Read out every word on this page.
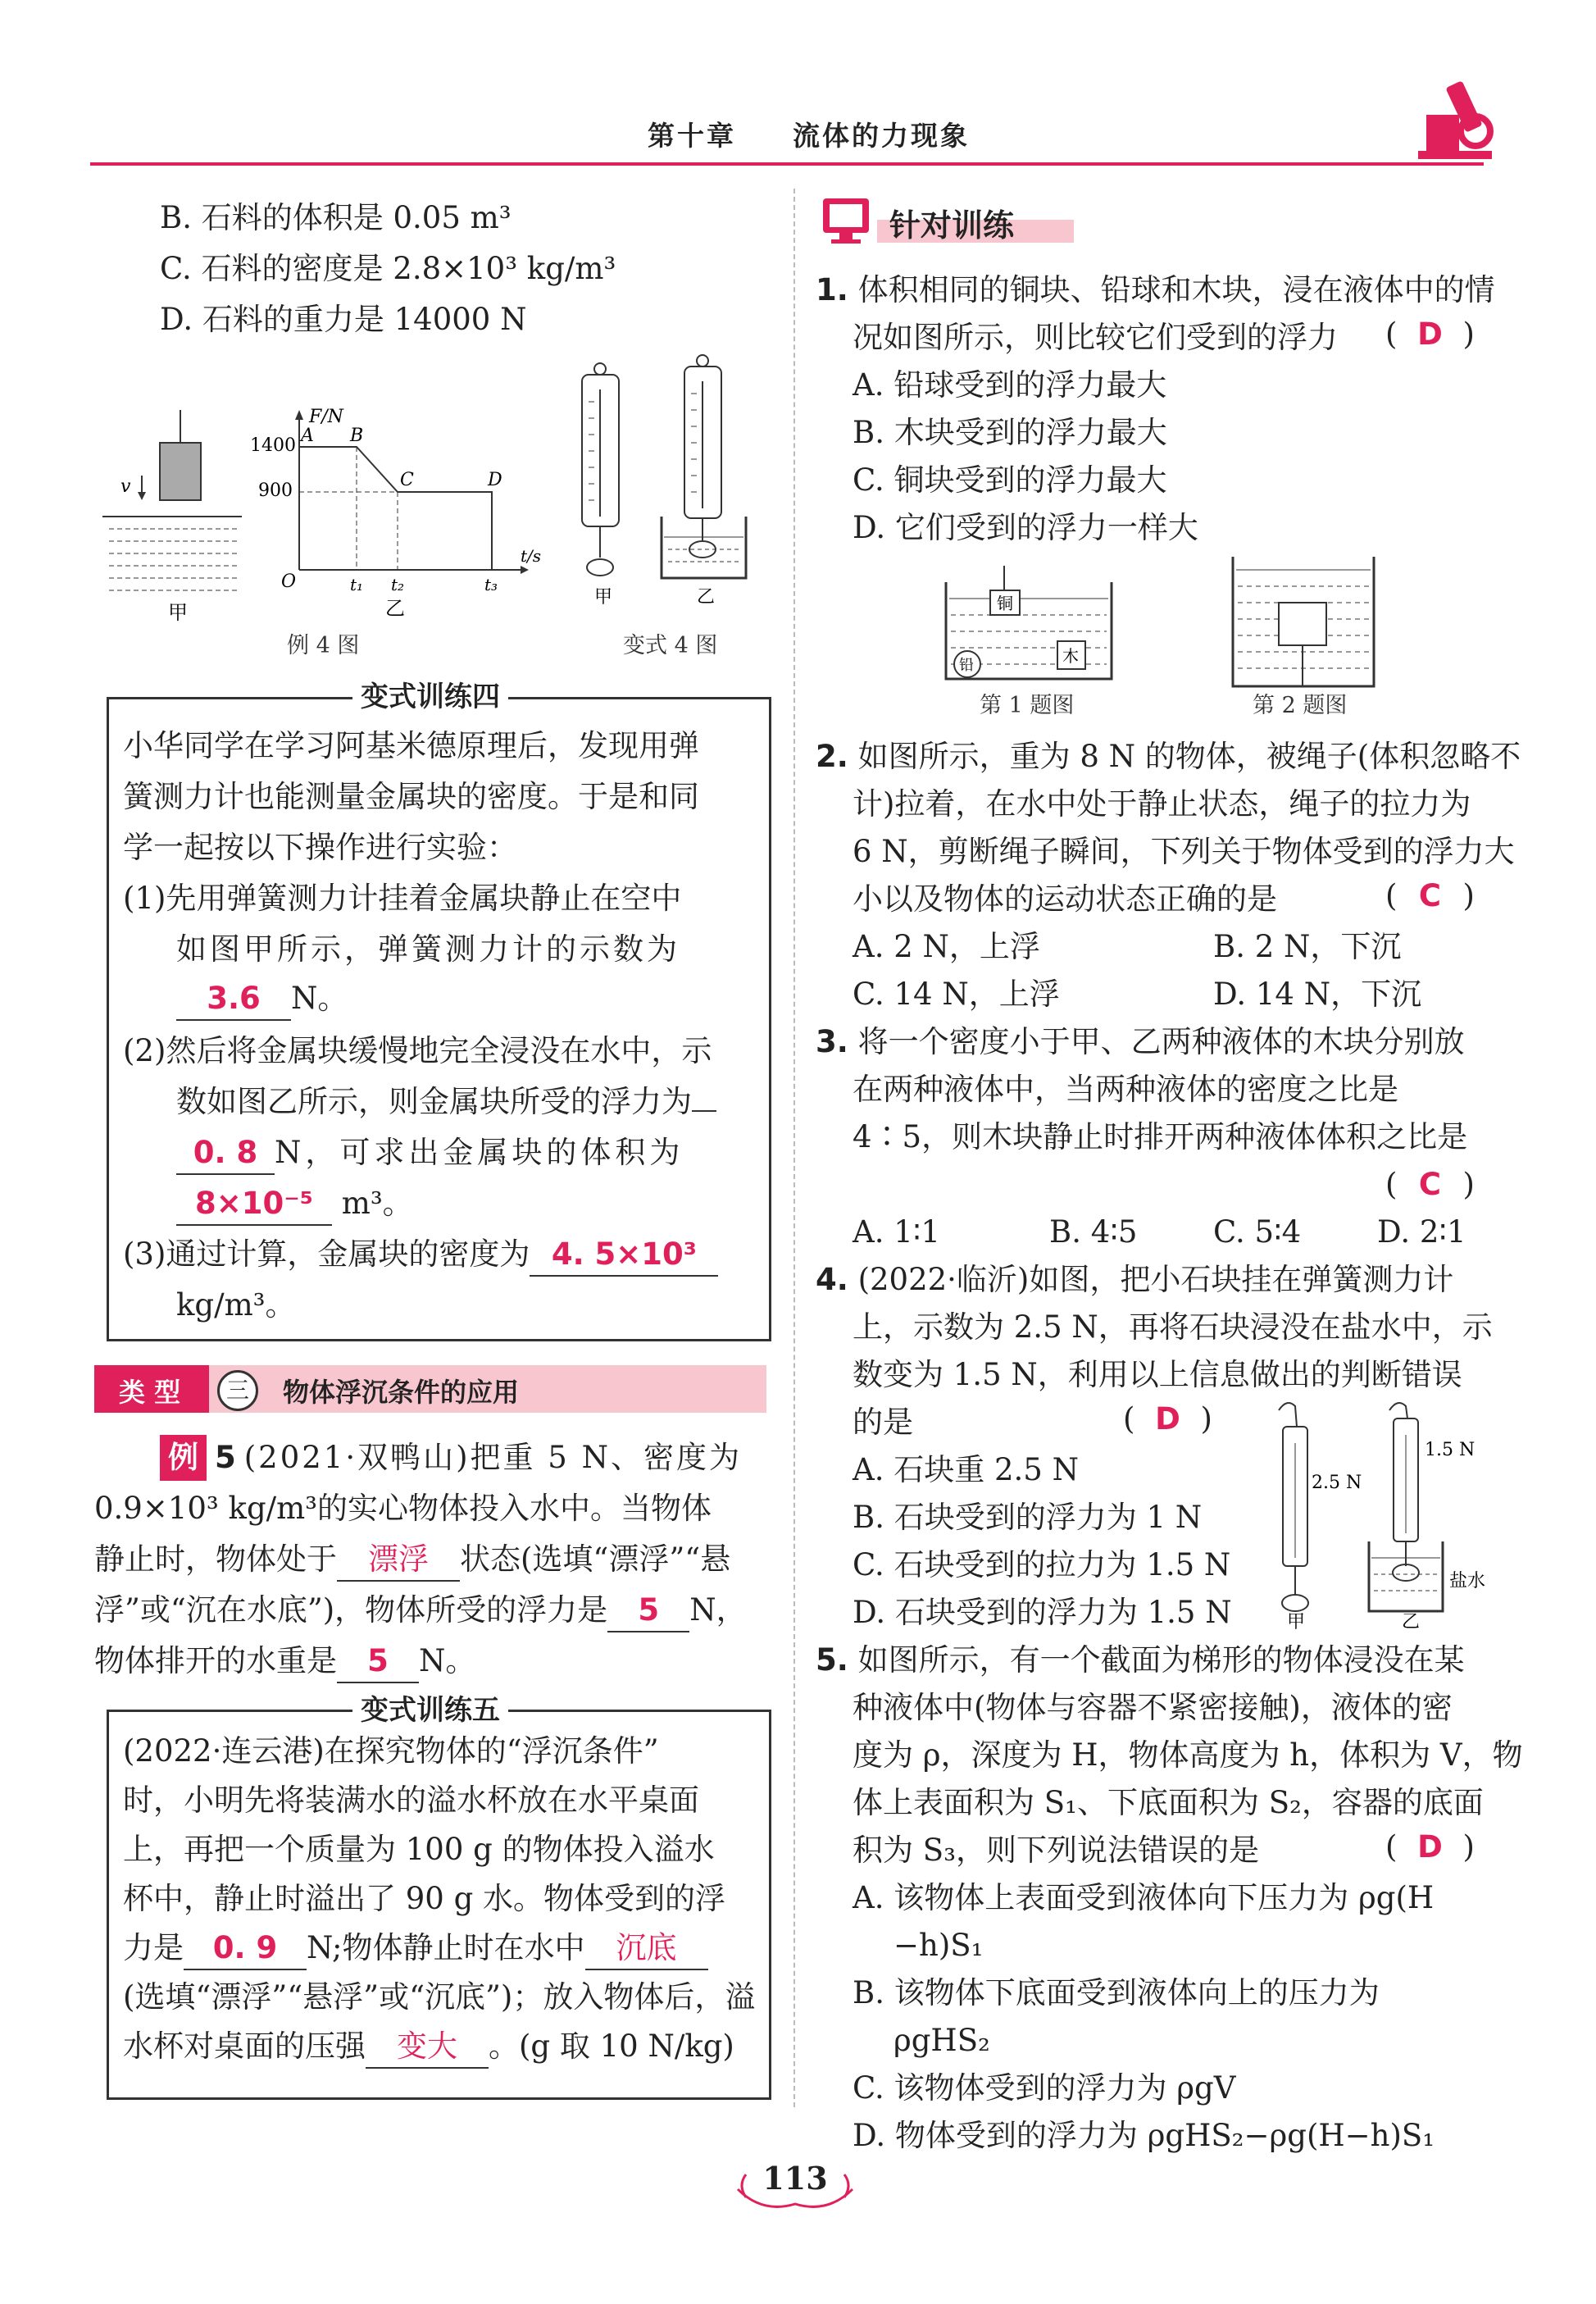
第十章 流体的力现象
B. 石料的体积是 0.05 m³
C. 石料的密度是 2.8×10³ kg/m³
D. 石料的重力是 14000 N
v
甲
F/N
1400
900
A B
C	D
O	t₁ t₂	t₃
t/s
乙	甲	乙
例 4 图	变式 4 图
变式训练四
小华同学在学习阿基米德原理后，发现用弹
簧测力计也能测量金属块的密度。于是和同
学一起按以下操作进行实验：
(1)先用弹簧测力计挂着金属块静止在空中
如图甲所示，弹簧测力计的示数为
3.6 N。
(2)然后将金属块缓慢地完全浸没在水中，示
数如图乙所示，则金属块所受的浮力为
0. 8 N，可求出金属块的体积为
8×10⁻⁵ m³。
(3)通过计算，金属块的密度为 4. 5×10³
kg/m³。
类 型	三	物体浮沉条件的应用
例 5 (2021·双鸭山)把重 5 N、密度为
0.9×10³ kg/m³的实心物体投入水中。当物体
静止时，物体处于 漂浮 状态(选填“漂浮”“悬
浮”或“沉在水底”)，物体所受的浮力是 5 N，
物体排开的水重是 5 N。
变式训练五
(2022·连云港)在探究物体的“浮沉条件”
时，小明先将装满水的溢水杯放在水平桌面
上，再把一个质量为 100 g 的物体投入溢水
杯中，静止时溢出了 90 g 水。物体受到的浮
力是 0. 9 N;物体静止时在水中 沉底
(选填“漂浮”“悬浮”或“沉底”)；放入物体后，溢
水杯对桌面的压强 变大 。(g 取 10 N/kg)
针对训练
1. 体积相同的铜块、铅球和木块，浸在液体中的情
况如图所示，则比较它们受到的浮力 ( D )
A. 铅球受到的浮力最大
B. 木块受到的浮力最大
C. 铜块受到的浮力最大
D. 它们受到的浮力一样大
铜
铅	木
第 1 题图	第 2 题图
2. 如图所示，重为 8 N 的物体，被绳子(体积忽略不
计)拉着，在水中处于静止状态，绳子的拉力为
6 N，剪断绳子瞬间，下列关于物体受到的浮力大
小以及物体的运动状态正确的是	( C )
A. 2 N，上浮	B. 2 N，下沉
C. 14 N，上浮	D. 14 N，下沉
3. 将一个密度小于甲、乙两种液体的木块分别放
在两种液体中，当两种液体的密度之比是
4∶5，则木块静止时排开两种液体体积之比是
( C )
A. 1∶1	B. 4∶5	C. 5∶4	D. 2∶1
4. (2022·临沂)如图，把小石块挂在弹簧测力计
上，示数为 2.5 N，再将石块浸没在盐水中，示
数变为 1.5 N，利用以上信息做出的判断错误
的是	( D )
A. 石块重 2.5 N
B. 石块受到的浮力为 1 N
C. 石块受到的拉力为 1.5 N
D. 石块受到的浮力为 1.5 N
2.5 N
甲
1.5 N
盐水
乙
5. 如图所示，有一个截面为梯形的物体浸没在某
种液体中(物体与容器不紧密接触)，液体的密
度为 ρ，深度为 H，物体高度为 h，体积为 V，物
体上表面积为 S₁、下底面积为 S₂，容器的底面
积为 S₃，则下列说法错误的是	( D )
A. 该物体上表面受到液体向下压力为 ρg(H
−h)S₁
B. 该物体下底面受到液体向上的压力为
ρgHS₂
C. 该物体受到的浮力为 ρgV
D. 物体受到的浮力为 ρgHS₂−ρg(H−h)S₁
113
